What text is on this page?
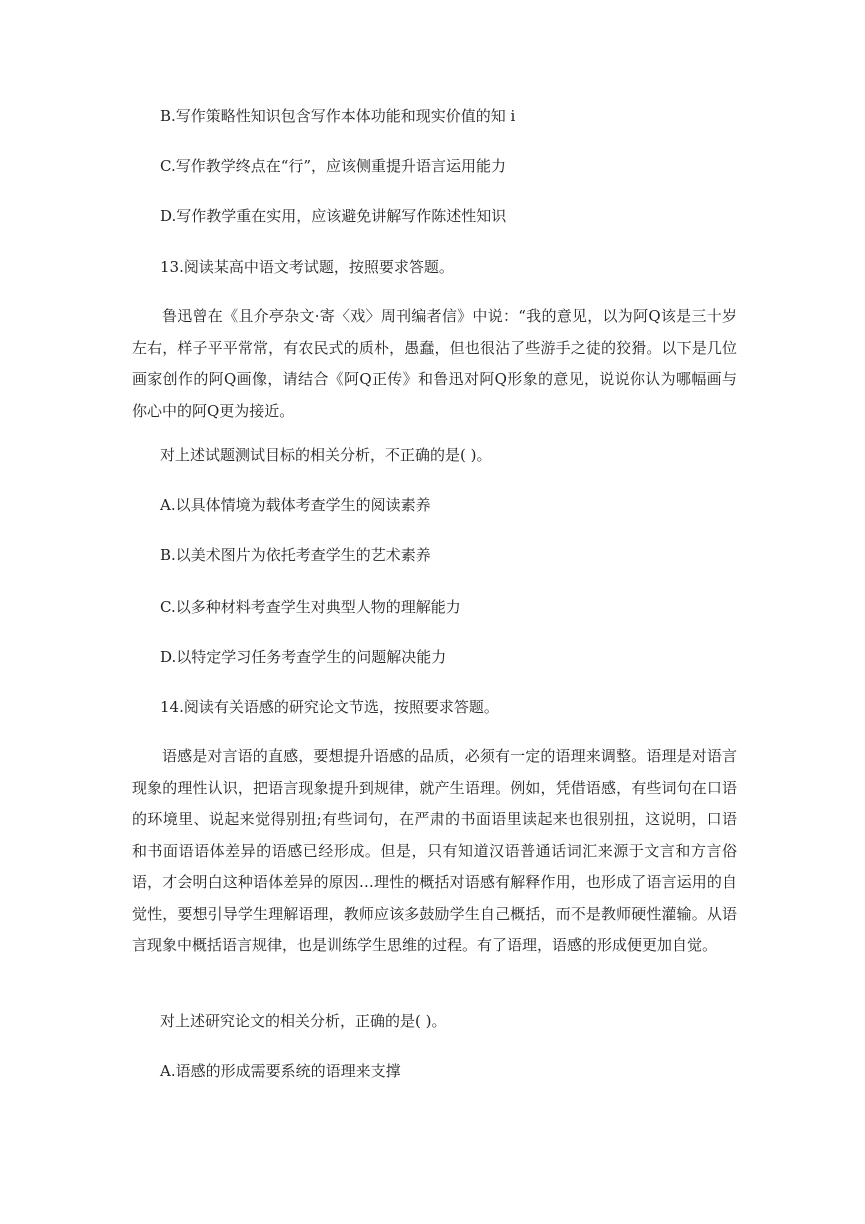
B.写作策略性知识包含写作本体功能和现实价值的知 i
C.写作教学终点在“行”，应该侧重提升语言运用能力
D.写作教学重在实用，应该避免讲解写作陈述性知识
13.阅读某高中语文考试题，按照要求答题。
鲁迅曾在《且介亭杂文·寄〈戏〉周刊编者信》中说：“我的意见，以为阿Q该是三十岁左右，样子平平常常，有农民式的质朴，愚蠢，但也很沾了些游手之徒的狡猾。以下是几位画家创作的阿Q画像，请结合《阿Q正传》和鲁迅对阿Q形象的意见，说说你认为哪幅画与你心中的阿Q更为接近。
对上述试题测试目标的相关分析，不正确的是( )。
A.以具体情境为载体考查学生的阅读素养
B.以美术图片为依托考查学生的艺术素养
C.以多种材料考查学生对典型人物的理解能力
D.以特定学习任务考查学生的问题解决能力
14.阅读有关语感的研究论文节选，按照要求答题。
语感是对言语的直感，要想提升语感的品质，必须有一定的语理来调整。语理是对语言现象的理性认识，把语言现象提升到规律，就产生语理。例如，凭借语感，有些词句在口语的环境里、说起来觉得别扭;有些词句，在严肃的书面语里读起来也很别扭，这说明，口语和书面语语体差异的语感已经形成。但是，只有知道汉语普通话词汇来源于文言和方言俗语，才会明白这种语体差异的原因…理性的概括对语感有解释作用，也形成了语言运用的自觉性，要想引导学生理解语理，教师应该多鼓励学生自己概括，而不是教师硬性灌输。从语言现象中概括语言规律，也是训练学生思维的过程。有了语理，语感的形成便更加自觉。
对上述研究论文的相关分析，正确的是( )。
A.语感的形成需要系统的语理来支撑
